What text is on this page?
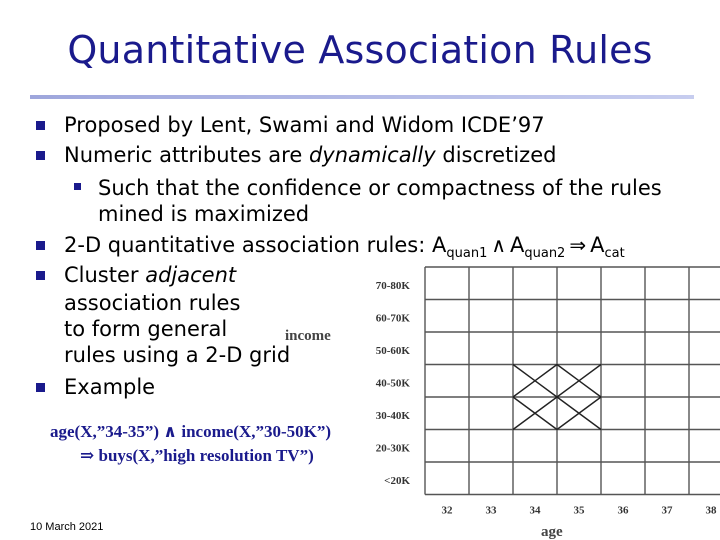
Quantitative Association Rules
Proposed by Lent, Swami and Widom ICDE’97
Numeric attributes are dynamically discretized
Such that the confidence or compactness of the rules
mined is maximized
2-D quantitative association rules: $A_{quan1}$ ∧ $A_{quan2}$ ⇒ $A_{cat}$
Cluster adjacent
association rules
to form general
rules using a 2-D grid
Example
age(X,”34-35”) ∧ income(X,”30-50K”)
⇒ buys(X,”high resolution TV”)
10 March 2021
70-80K
60-70K
50-60K
40-50K
30-40K
20-30K
<20K
32	33	34	35	36	37	38
income
age
